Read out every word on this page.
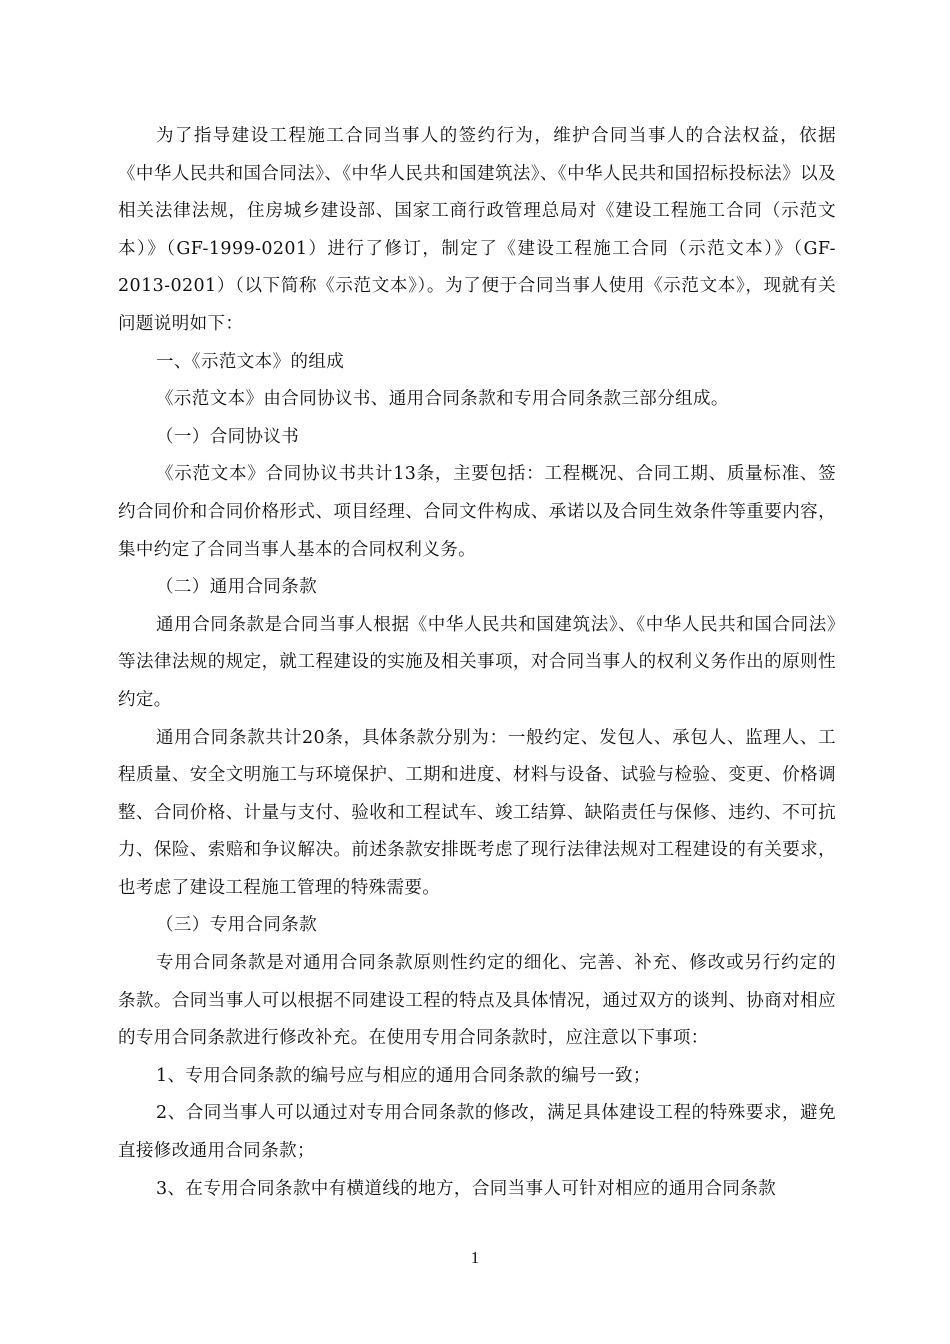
为了指导建设工程施工合同当事人的签约行为，维护合同当事人的合法权益，依据《中华人民共和国合同法》、《中华人民共和国建筑法》、《中华人民共和国招标投标法》以及相关法律法规，住房城乡建设部、国家工商行政管理总局对《建设工程施工合同（示范文本）》（GF-1999-0201）进行了修订，制定了《建设工程施工合同（示范文本）》（GF-2013-0201）（以下简称《示范文本》）。为了便于合同当事人使用《示范文本》，现就有关问题说明如下：

一、《示范文本》的组成

《示范文本》由合同协议书、通用合同条款和专用合同条款三部分组成。

（一）合同协议书

《示范文本》合同协议书共计13条，主要包括：工程概况、合同工期、质量标准、签约合同价和合同价格形式、项目经理、合同文件构成、承诺以及合同生效条件等重要内容，集中约定了合同当事人基本的合同权利义务。

（二）通用合同条款

通用合同条款是合同当事人根据《中华人民共和国建筑法》、《中华人民共和国合同法》等法律法规的规定，就工程建设的实施及相关事项，对合同当事人的权利义务作出的原则性约定。

通用合同条款共计20条，具体条款分别为：一般约定、发包人、承包人、监理人、工程质量、安全文明施工与环境保护、工期和进度、材料与设备、试验与检验、变更、价格调整、合同价格、计量与支付、验收和工程试车、竣工结算、缺陷责任与保修、违约、不可抗力、保险、索赔和争议解决。前述条款安排既考虑了现行法律法规对工程建设的有关要求，也考虑了建设工程施工管理的特殊需要。

（三）专用合同条款

专用合同条款是对通用合同条款原则性约定的细化、完善、补充、修改或另行约定的条款。合同当事人可以根据不同建设工程的特点及具体情况，通过双方的谈判、协商对相应的专用合同条款进行修改补充。在使用专用合同条款时，应注意以下事项：

1、专用合同条款的编号应与相应的通用合同条款的编号一致；

2、合同当事人可以通过对专用合同条款的修改，满足具体建设工程的特殊要求，避免直接修改通用合同条款；

3、在专用合同条款中有横道线的地方，合同当事人可针对相应的通用合同条款

1
